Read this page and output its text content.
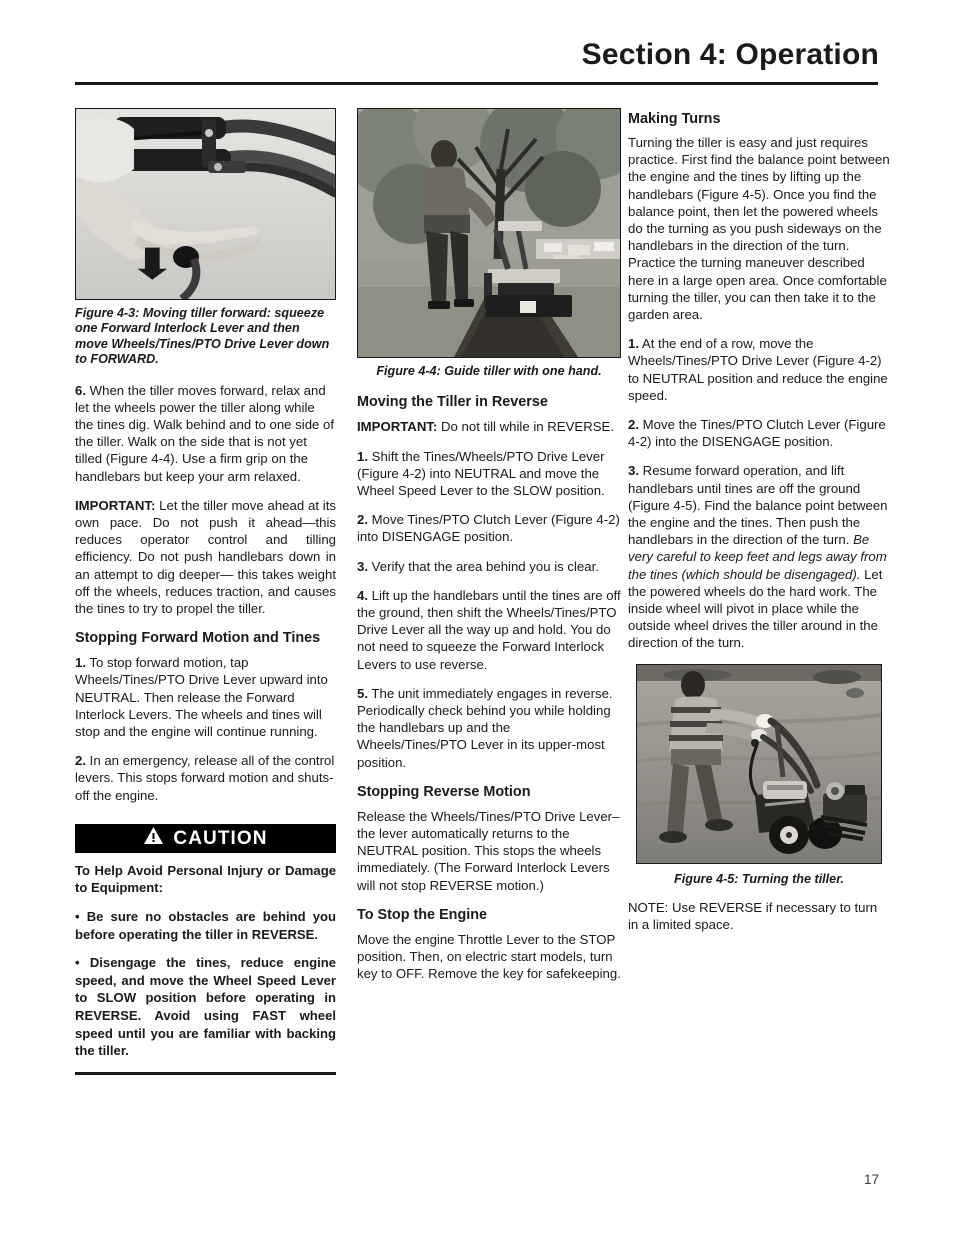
Section 4: Operation
Figure 4-3: Moving tiller forward: squeeze one Forward Interlock Lever and then move Wheels/Tines/PTO Drive Lever down to FORWARD.

6. When the tiller moves forward, relax and let the wheels power the tiller along while the tines dig. Walk behind and to one side of the tiller. Walk on the side that is not yet tilled (Figure 4-4). Use a firm grip on the handlebars but keep your arm relaxed.

IMPORTANT: Let the tiller move ahead at its own pace. Do not push it ahead—this reduces operator control and tilling efficiency. Do not push handlebars down in an attempt to dig deeper— this takes weight off the wheels, reduces traction, and causes the tines to try to propel the tiller.

Stopping Forward Motion and Tines

1. To stop forward motion, tap Wheels/Tines/PTO Drive Lever upward into NEUTRAL. Then release the Forward Interlock Levers. The wheels and tines will stop and the engine will continue running.

2. In an emergency, release all of the control levers. This stops forward motion and shuts-off the engine.

CAUTION

To Help Avoid Personal Injury or Damage to Equipment:

• Be sure no obstacles are behind you before operating the tiller in REVERSE.

• Disengage the tines, reduce engine speed, and move the Wheel Speed Lever to SLOW position before operating in REVERSE. Avoid using FAST wheel speed until you are familiar with backing the tiller.

Figure 4-4: Guide tiller with one hand.
Moving the Tiller in Reverse

IMPORTANT: Do not till while in REVERSE.

1. Shift the Tines/Wheels/PTO Drive Lever (Figure 4-2) into NEUTRAL and move the Wheel Speed Lever to the SLOW position.

2. Move Tines/PTO Clutch Lever (Figure 4-2) into DISENGAGE position.

3. Verify that the area behind you is clear.

4. Lift up the handlebars until the tines are off the ground, then shift the Wheels/Tines/PTO Drive Lever all the way up and hold. You do not need to squeeze the Forward Interlock Levers to use reverse.

5. The unit immediately engages in reverse. Periodically check behind you while holding the handlebars up and the Wheels/Tines/PTO Lever in its upper-most position.

Stopping Reverse Motion

Release the Wheels/Tines/PTO Drive Lever– the lever automatically returns to the NEUTRAL position. This stops the wheels immediately. (The Forward Interlock Levers will not stop REVERSE motion.)

To Stop the Engine

Move the engine Throttle Lever to the STOP position. Then, on electric start models, turn key to OFF. Remove the key for safekeeping.

Making Turns

Turning the tiller is easy and just requires practice. First find the balance point between the engine and the tines by lifting up the handlebars (Figure 4-5). Once you find the balance point, then let the powered wheels do the turning as you push sideways on the handlebars in the direction of the turn. Practice the turning maneuver described here in a large open area. Once comfortable turning the tiller, you can then take it to the garden area.

1. At the end of a row, move the Wheels/Tines/PTO Drive Lever (Figure 4-2) to NEUTRAL position and reduce the engine speed.

2. Move the Tines/PTO Clutch Lever (Figure 4-2) into the DISENGAGE position.

3. Resume forward operation, and lift handlebars until tines are off the ground (Figure 4-5). Find the balance point between the engine and the tines. Then push the handlebars in the direction of the turn. Be very careful to keep feet and legs away from the tines (which should be disengaged). Let the powered wheels do the hard work. The inside wheel will pivot in place while the outside wheel drives the tiller around in the direction of the turn.

Figure 4-5: Turning the tiller.

NOTE: Use REVERSE if necessary to turn in a limited space.

17
